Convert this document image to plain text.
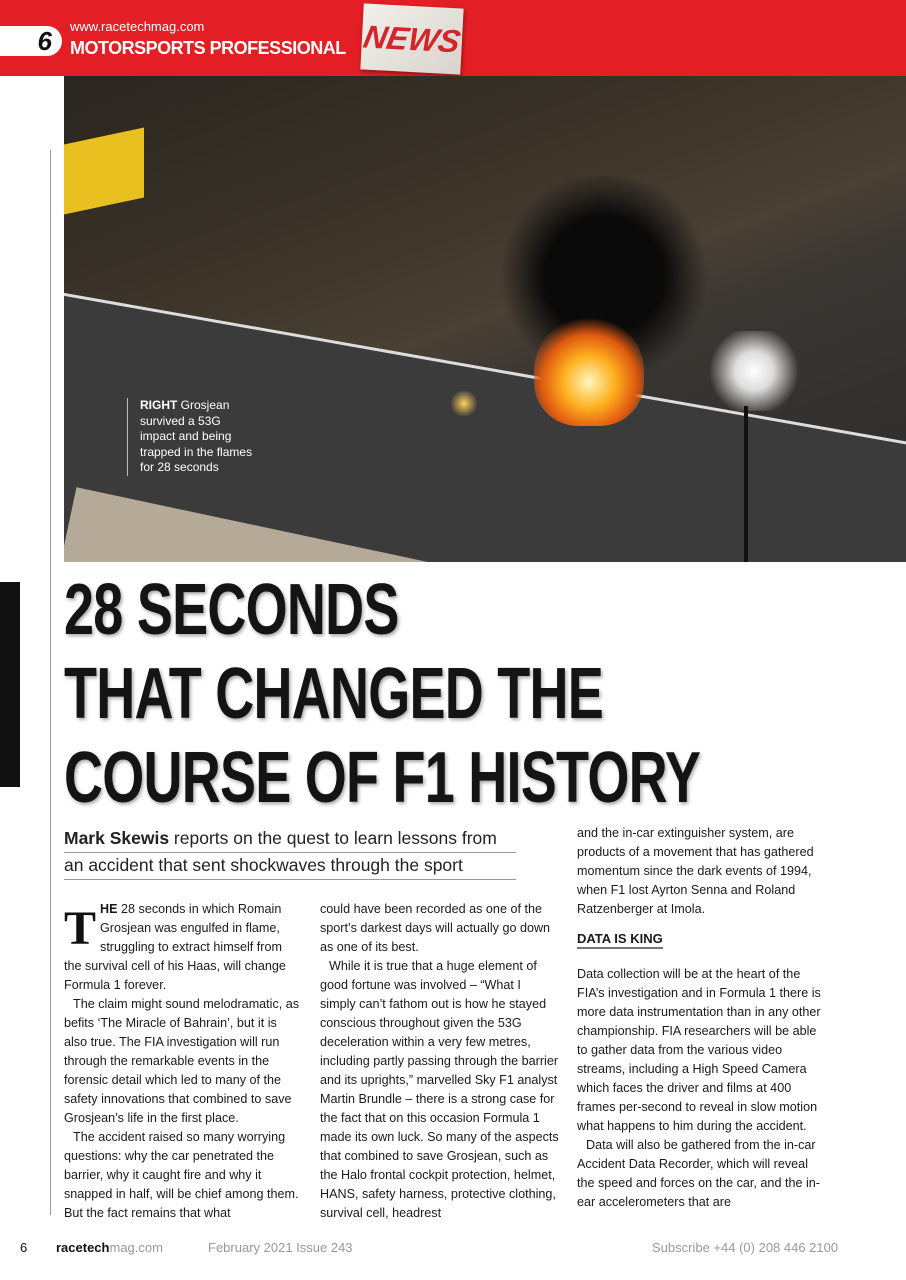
6	www.racetechmag.com
MOTORSPORTS PROFESSIONAL NEWS
RIGHT Grosjean survived a 53G impact and being trapped in the flames for 28 seconds
28 SECONDS
THAT CHANGED THE
COURSE OF F1 HISTORY
Mark Skewis reports on the quest to learn lessons from
an accident that sent shockwaves through the sport

THE 28 seconds in which Romain Grosjean was engulfed in flame, struggling to extract himself from the survival cell of his Haas, will change Formula 1 forever.

The claim might sound melodramatic, as befits ‘The Miracle of Bahrain’, but it is also true. The FIA investigation will run through the remarkable events in the forensic detail which led to many of the safety innovations that combined to save Grosjean’s life in the first place.

The accident raised so many worrying questions: why the car penetrated the barrier, why it caught fire and why it snapped in half, will be chief among them. But the fact remains that what

could have been recorded as one of the sport’s darkest days will actually go down as one of its best.

While it is true that a huge element of good fortune was involved – “What I simply can’t fathom out is how he stayed conscious throughout given the 53G deceleration within a very few metres, including partly passing through the barrier and its uprights,” marvelled Sky F1 analyst Martin Brundle – there is a strong case for the fact that on this occasion Formula 1 made its own luck. So many of the aspects that combined to save Grosjean, such as the Halo frontal cockpit protection, helmet, HANS, safety harness, protective clothing, survival cell, headrest

and the in-car extinguisher system, are products of a movement that has gathered momentum since the dark events of 1994, when F1 lost Ayrton Senna and Roland Ratzenberger at Imola.

DATA IS KING

Data collection will be at the heart of the FIA’s investigation and in Formula 1 there is more data instrumentation than in any other championship. FIA researchers will be able to gather data from the various video streams, including a High Speed Camera which faces the driver and films at 400 frames per-second to reveal in slow motion what happens to him during the accident.

Data will also be gathered from the in-car Accident Data Recorder, which will reveal the speed and forces on the car, and the in-ear accelerometers that are

6 racetechmag.com	February 2021 Issue 243	Subscribe +44 (0) 208 446 2100
